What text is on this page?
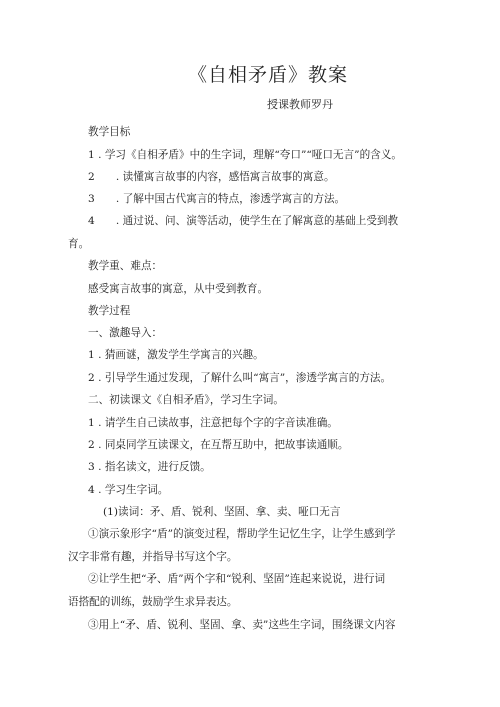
《自相矛盾》教案
授课教师罗丹
教学目标
1 . 学习《自相矛盾》中的生字词，理解“夸口”“哑口无言”的含义。
2　　. 读懂寓言故事的内容，感悟寓言故事的寓意。
3　　. 了解中国古代寓言的特点，渗透学寓言的方法。
4　　. 通过说、问、演等活动，使学生在了解寓意的基础上受到教
育。
教学重、难点：
感受寓言故事的寓意，从中受到教育。
教学过程
一、激趣导入：
1 . 猜画谜，激发学生学寓言的兴趣。
2 . 引导学生通过发现，了解什么叫“寓言”，渗透学寓言的方法。
二、初读课文《自相矛盾》，学习生字词。
1 . 请学生自己读故事，注意把每个字的字音读准确。
2 . 同桌同学互读课文，在互帮互助中，把故事读通顺。
3 . 指名读文，进行反馈。
4 . 学习生字词。
(1)读词：矛、盾、锐利、坚固、拿、卖、哑口无言
①演示象形字“盾”的演变过程，帮助学生记忆生字，让学生感到学
汉字非常有趣，并指导书写这个字。
②让学生把“矛、盾”两个字和“锐利、坚固”连起来说说，进行词
语搭配的训练，鼓励学生求异表达。
③用上“矛、盾、锐利、坚固、拿、卖”这些生字词，围绕课文内容
